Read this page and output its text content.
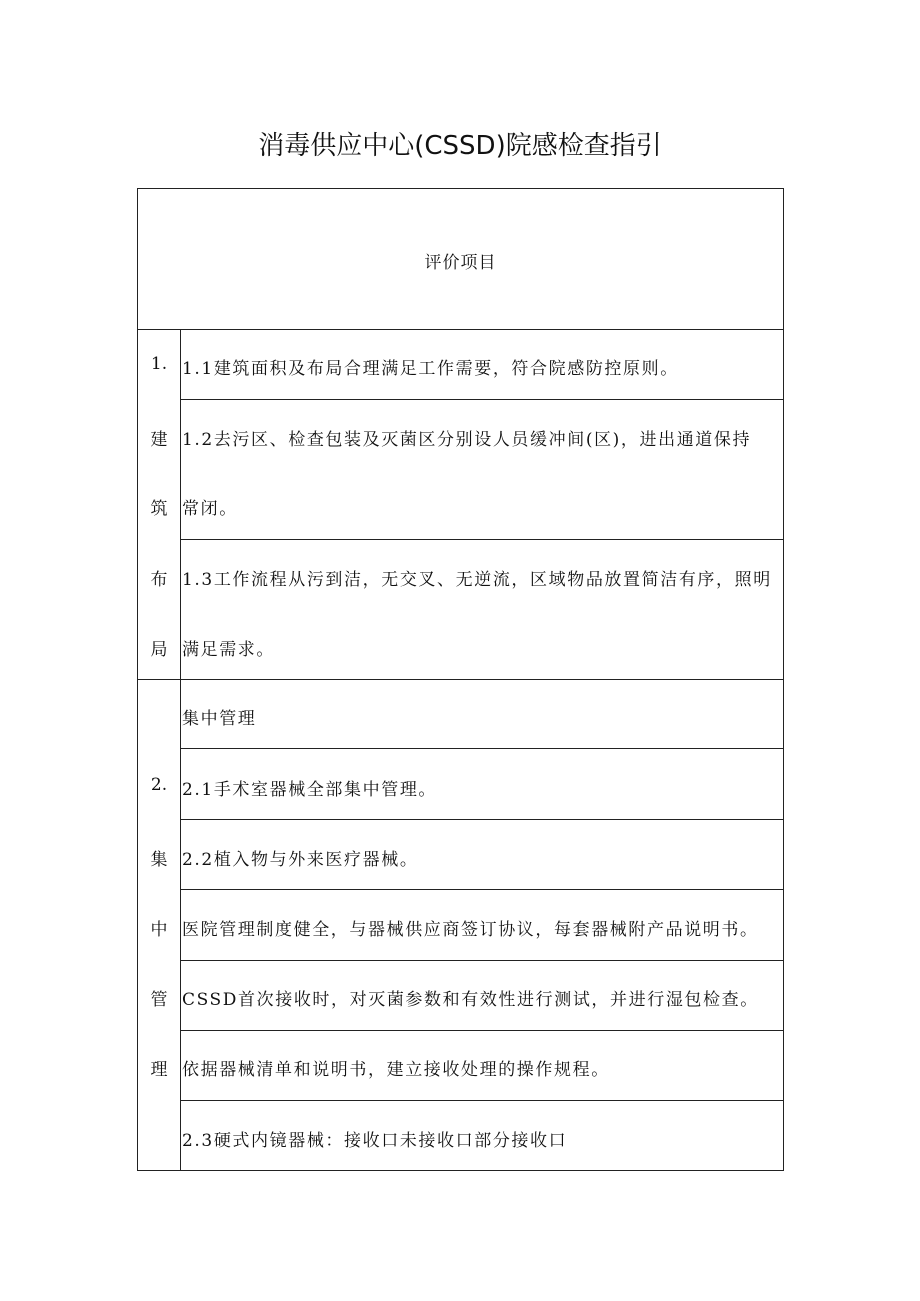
消毒供应中心(CSSD)院感检查指引
评价项目
1.
建
筑
布
局
1.1建筑面积及布局合理满足工作需要，符合院感防控原则。
1.2去污区、检查包装及灭菌区分别设人员缓冲间(区)，进出通道保持
常闭。
1.3工作流程从污到洁，无交叉、无逆流，区域物品放置简洁有序，照明
满足需求。
2.
集
中
管
理
集中管理
2.1手术室器械全部集中管理。
2.2植入物与外来医疗器械。
医院管理制度健全，与器械供应商签订协议，每套器械附产品说明书。
CSSD首次接收时，对灭菌参数和有效性进行测试，并进行湿包检查。
依据器械清单和说明书，建立接收处理的操作规程。
2.3硬式内镜器械：接收口未接收口部分接收口
